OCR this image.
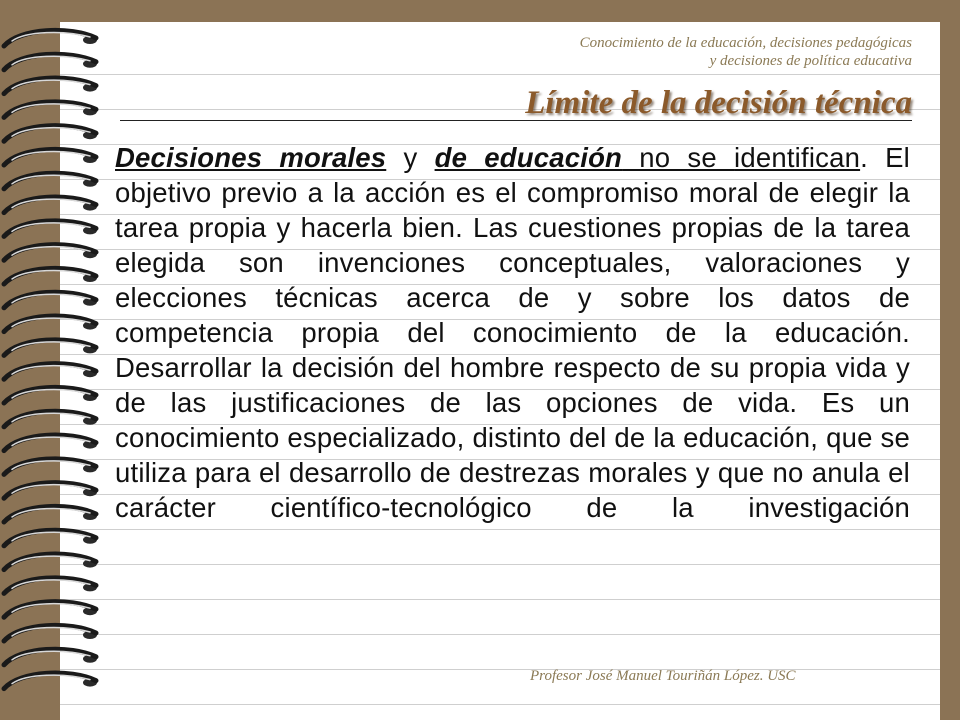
Conocimiento de la educación, decisiones pedagógicas
y decisiones de política educativa
Límite de la decisión técnica
Decisiones morales y de educación no se identifican. El objetivo previo a la acción es el compromiso moral de elegir la tarea propia y hacerla bien. Las cuestiones propias de la tarea elegida son invenciones conceptuales, valoraciones y elecciones técnicas acerca de y sobre los datos de competencia propia del conocimiento de la educación. Desarrollar la decisión del hombre respecto de su propia vida y de las justificaciones de las opciones de vida. Es un conocimiento especializado, distinto del de la educación, que se utiliza para el desarrollo de destrezas morales y que no anula el carácter científico-tecnológico de la investigación
Profesor José Manuel Touriñán López. USC
